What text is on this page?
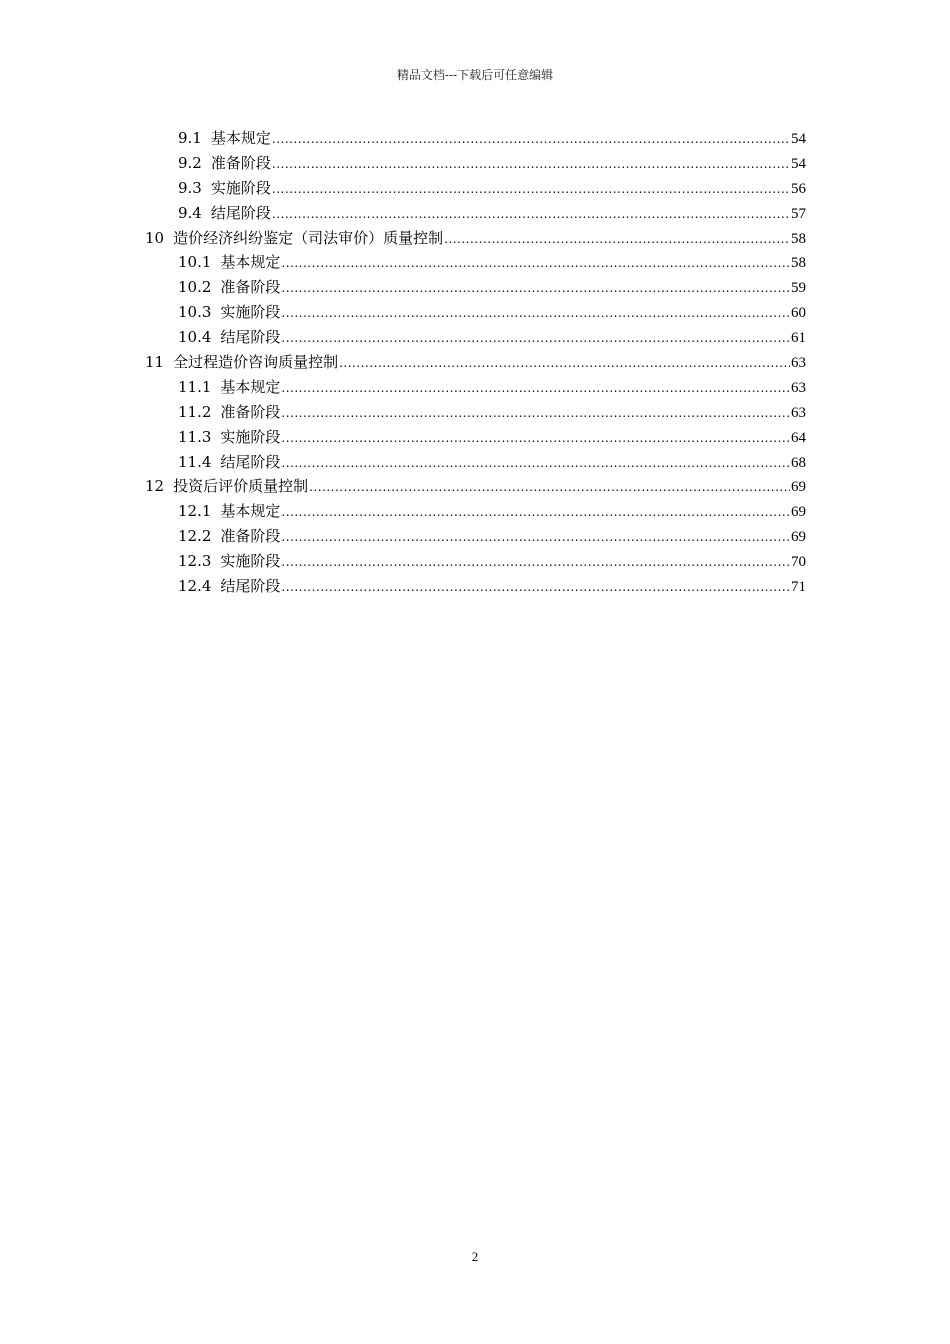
精品文档---下载后可任意编辑
9.1 基本规定 .....	54
9.2 准备阶段 .....	54
9.3 实施阶段 .....	56
9.4 结尾阶段 .....	57
10 造价经济纠纷鉴定（司法审价）质量控制 .....	58
10.1 基本规定 .....	58
10.2 准备阶段 .....	59
10.3 实施阶段 .....	60
10.4 结尾阶段 .....	61
11 全过程造价咨询质量控制 .....	63
11.1 基本规定 .....	63
11.2 准备阶段 .....	63
11.3 实施阶段 .....	64
11.4 结尾阶段 .....	68
12 投资后评价质量控制 .....	69
12.1 基本规定 .....	69
12.2 准备阶段 .....	69
12.3 实施阶段 .....	70
12.4 结尾阶段 .....	71
2
